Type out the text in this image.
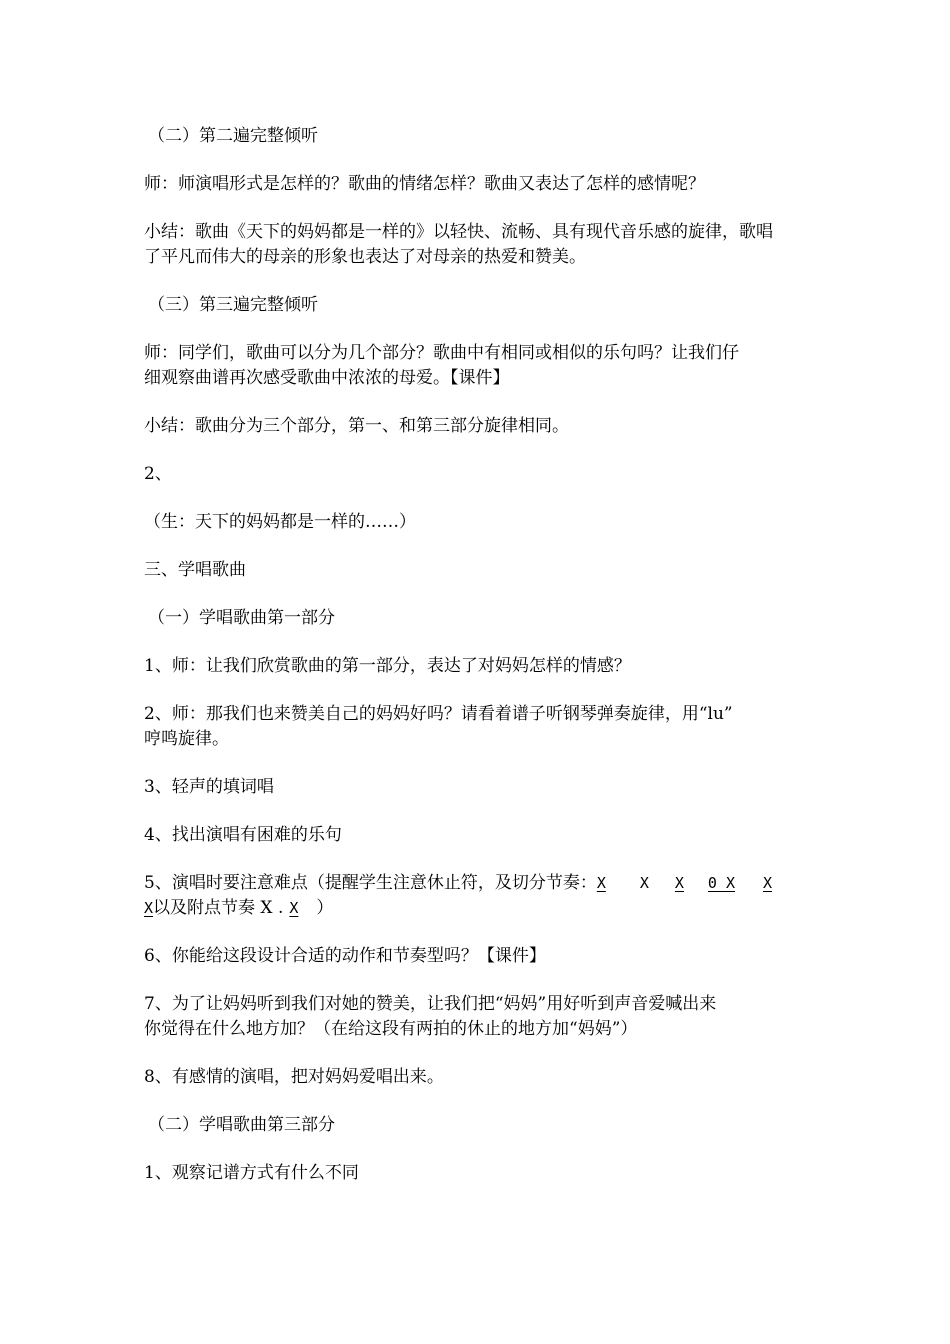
（二）第二遍完整倾听
师：师演唱形式是怎样的？歌曲的情绪怎样？歌曲又表达了怎样的感情呢？
小结：歌曲《天下的妈妈都是一样的》以轻快、流畅、具有现代音乐感的旋律，歌唱
了平凡而伟大的母亲的形象也表达了对母亲的热爱和赞美。
（三）第三遍完整倾听
师：同学们，歌曲可以分为几个部分？歌曲中有相同或相似的乐句吗？让我们仔
细观察曲谱再次感受歌曲中浓浓的母爱。【课件】
小结：歌曲分为三个部分，第一、和第三部分旋律相同。
2、
（生：天下的妈妈都是一样的……）
三、学唱歌曲
（一）学唱歌曲第一部分
1、师：让我们欣赏歌曲的第一部分，表达了对妈妈怎样的情感？
2、师：那我们也来赞美自己的妈妈好吗？请看着谱子听钢琴弹奏旋律，用“lu”
哼鸣旋律。
3、轻声的填词唱
4、找出演唱有困难的乐句
5、演唱时要注意难点（提醒学生注意休止符，及切分节奏：X X X 0 X X
X以及附点节奏 X . X ）
6、你能给这段设计合适的动作和节奏型吗？【课件】
7、为了让妈妈听到我们对她的赞美，让我们把“妈妈”用好听到声音爱喊出来
你觉得在什么地方加？（在给这段有两拍的休止的地方加“妈妈”）
8、有感情的演唱，把对妈妈爱唱出来。
（二）学唱歌曲第三部分
1、观察记谱方式有什么不同
